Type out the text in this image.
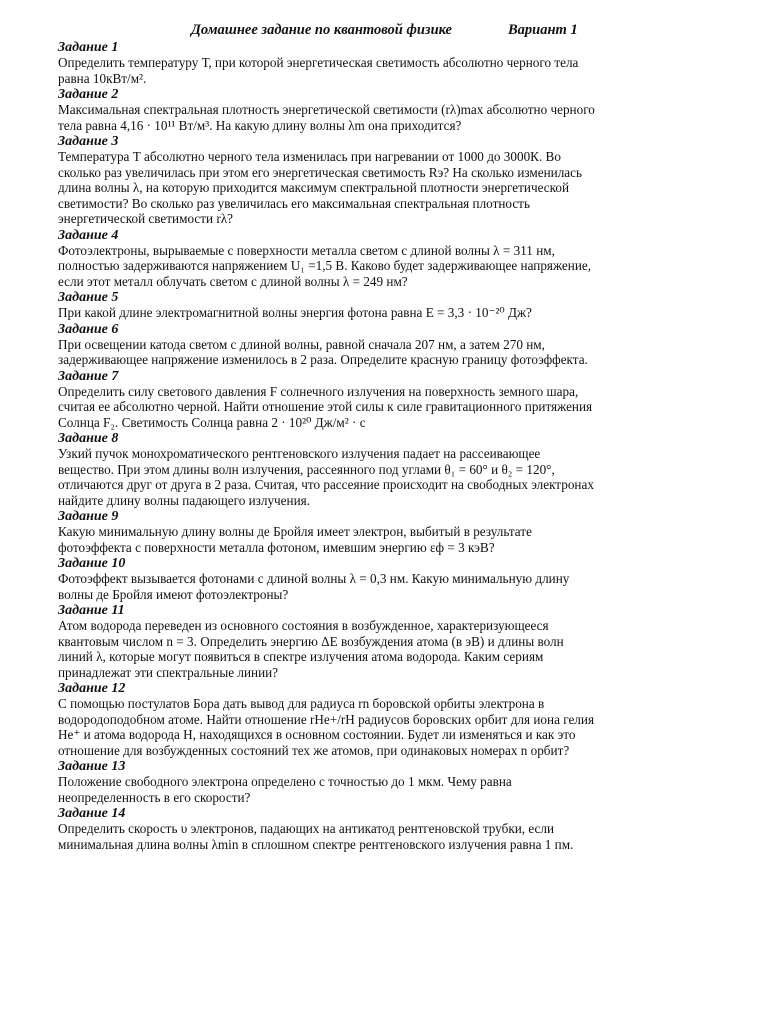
Домашнее задание по квантовой физике	Вариант 1

Задание 1

Определить температуру Т, при которой энергетическая светимость абсолютно черного тела
равна 10кВт/м².

Задание 2

Максимальная спектральная плотность энергетической светимости (rλ)max абсолютно черного
тела равна 4,16 · 10¹¹ Вт/м³. На какую длину волны λm она приходится?

Задание 3

Температура Т абсолютно черного тела изменилась при нагревании от 1000 до 3000К. Во
сколько раз увеличилась при этом его энергетическая светимость Rэ? На сколько изменилась
длина волны λ, на которую приходится максимум спектральной плотности энергетической
светимости? Во сколько раз увеличилась его максимальная спектральная плотность
энергетической светимости rλ?

Задание 4

Фотоэлектроны, вырываемые с поверхности металла светом с длиной волны λ = 311 нм,
полностью задерживаются напряжением U₁ =1,5 В. Каково будет задерживающее напряжение,
если этот металл облучать светом с длиной волны λ = 249 нм?

Задание 5

При какой длине электромагнитной волны энергия фотона равна E = 3,3 · 10⁻²⁰ Дж?

Задание 6

При освещении катода светом с длиной волны, равной сначала 207 нм, а затем 270 нм,
задерживающее напряжение изменилось в 2 раза. Определите красную границу фотоэффекта.

Задание 7

Определить силу светового давления F солнечного излучения на поверхность земного шара,
считая ее абсолютно черной. Найти отношение этой силы к силе гравитационного притяжения
Солнца F₂. Светимость Солнца равна 2 · 10²⁰ Дж/м² · с

Задание 8

Узкий пучок монохроматического рентгеновского излучения падает на рассеивающее
вещество. При этом длины волн излучения, рассеянного под углами θ₁ = 60° и θ₂ = 120°,
отличаются друг от друга в 2 раза. Считая, что рассеяние происходит на свободных электронах
найдите длину волны падающего излучения.

Задание 9

Какую минимальную длину волны де Бройля имеет электрон, выбитый в результате
фотоэффекта с поверхности металла фотоном, имевшим энергию εф = 3 кэВ?

Задание 10

Фотоэффект вызывается фотонами с длиной волны λ = 0,3 нм. Какую минимальную длину
волны де Бройля имеют фотоэлектроны?

Задание 11

Атом водорода переведен из основного состояния в возбужденное, характеризующееся
квантовым числом n = 3. Определить энергию ΔE возбуждения атома (в эВ) и длины волн
линий λ, которые могут появиться в спектре излучения атома водорода. Каким сериям
принадлежат эти спектральные линии?

Задание 12

С помощью постулатов Бора дать вывод для радиуса rn боровской орбиты электрона в
водородоподобном атоме. Найти отношение rHe+/rH радиусов боровских орбит для иона гелия
He⁺ и атома водорода H, находящихся в основном состоянии. Будет ли изменяться и как это
отношение для возбужденных состояний тех же атомов, при одинаковых номерах n орбит?

Задание 13

Положение свободного электрона определено с точностью до 1 мкм. Чему равна
неопределенность в его скорости?

Задание 14

Определить скорость υ электронов, падающих на антикатод рентгеновской трубки, если
минимальная длина волны λmin в сплошном спектре рентгеновского излучения равна 1 пм.
